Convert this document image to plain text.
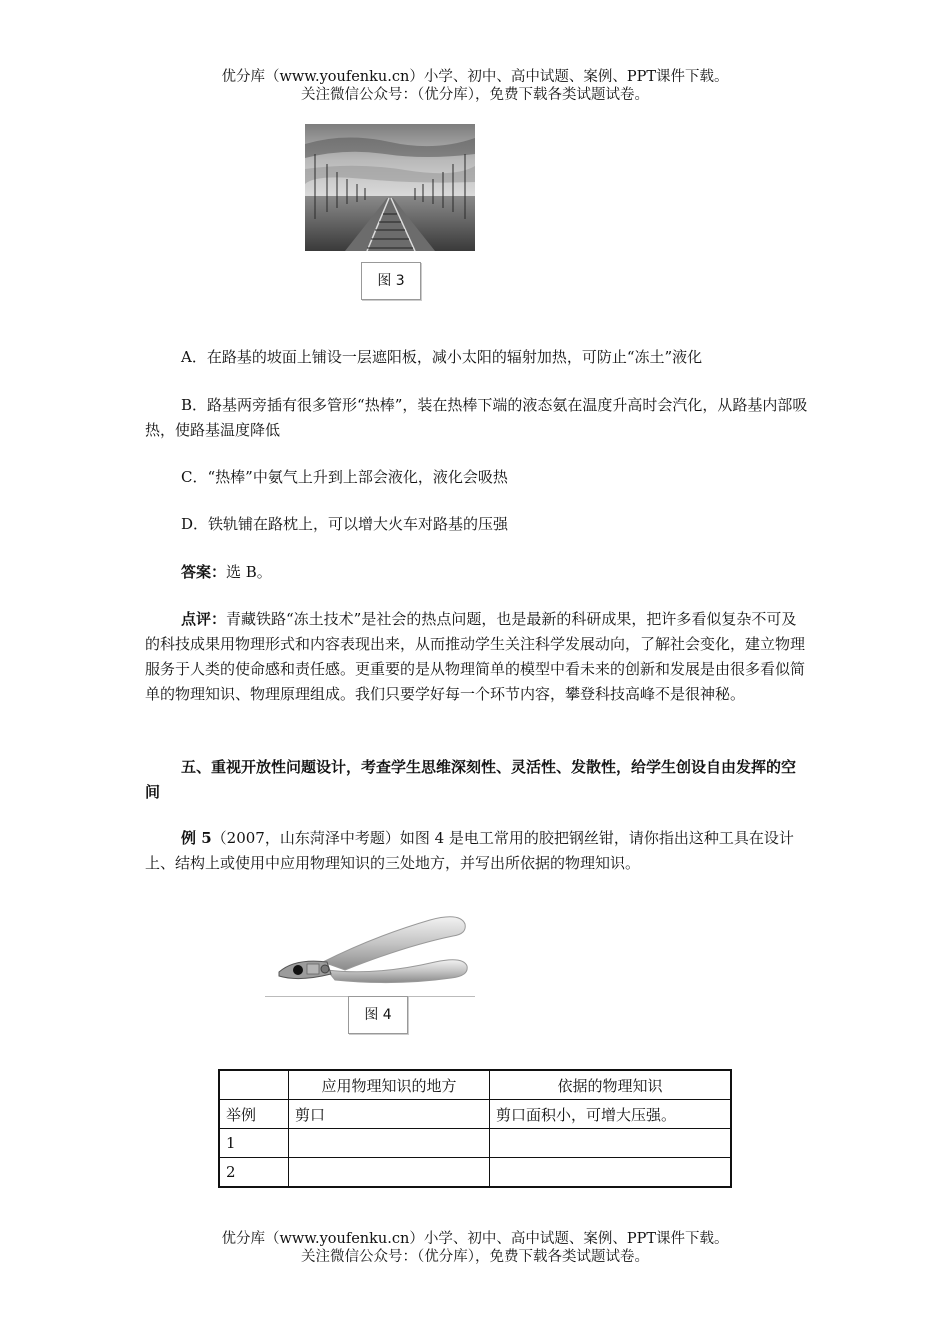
优分库（www.youfenku.cn）小学、初中、高中试题、案例、PPT课件下载。
关注微信公众号：（优分库），免费下载各类试题试卷。
图 3
A．在路基的坡面上铺设一层遮阳板，减小太阳的辐射加热，可防止“冻土”液化
B．路基两旁插有很多管形“热棒”，装在热棒下端的液态氨在温度升高时会汽化，从路基内部吸热，使路基温度降低
C．“热棒”中氨气上升到上部会液化，液化会吸热
D．铁轨铺在路枕上，可以增大火车对路基的压强
答案：选 B。
点评：青藏铁路“冻土技术”是社会的热点问题，也是最新的科研成果，把许多看似复杂不可及的科技成果用物理形式和内容表现出来，从而推动学生关注科学发展动向，了解社会变化，建立物理服务于人类的使命感和责任感。更重要的是从物理简单的模型中看未来的创新和发展是由很多看似简单的物理知识、物理原理组成。我们只要学好每一个环节内容，攀登科技高峰不是很神秘。
五、重视开放性问题设计，考查学生思维深刻性、灵活性、发散性，给学生创设自由发挥的空间
例 5（2007，山东菏泽中考题）如图 4 是电工常用的胶把钢丝钳，请你指出这种工具在设计上、结构上或使用中应用物理知识的三处地方，并写出所依据的物理知识。
图 4
	应用物理知识的地方	依据的物理知识
举例	剪口	剪口面积小，可增大压强。
1		
2		
优分库（www.youfenku.cn）小学、初中、高中试题、案例、PPT课件下载。
关注微信公众号：（优分库），免费下载各类试题试卷。
